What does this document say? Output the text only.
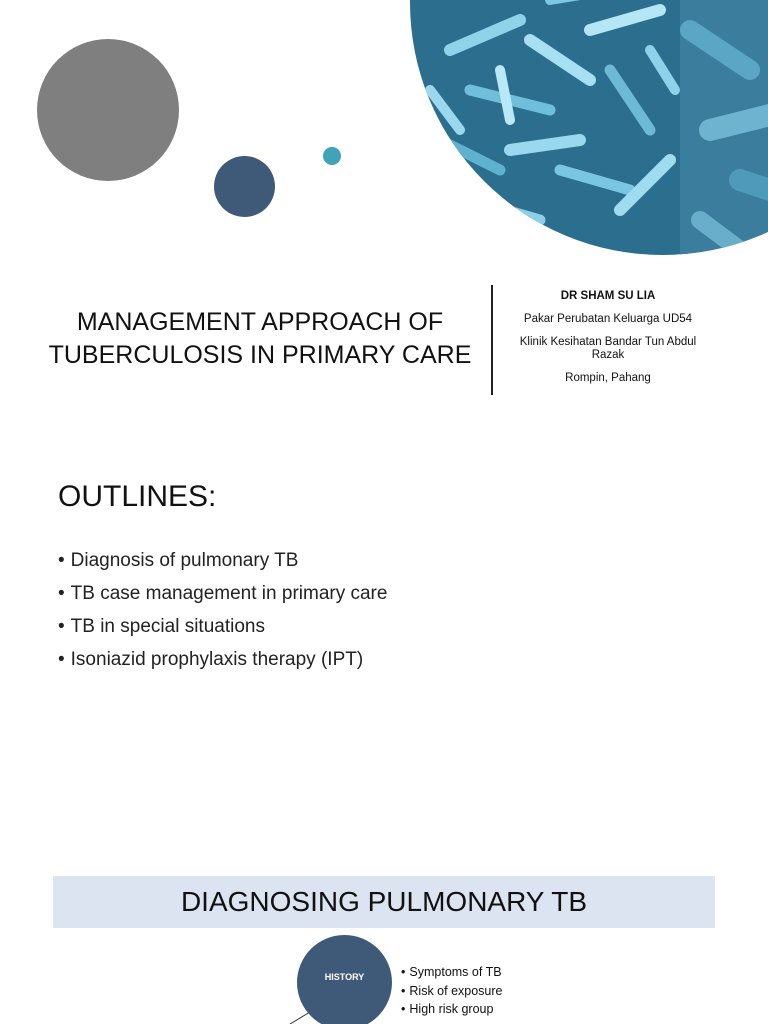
MANAGEMENT APPROACH OF
TUBERCULOSIS IN PRIMARY CARE
DR SHAM SU LIA
Pakar Perubatan Keluarga UD54
Klinik Kesihatan Bandar Tun Abdul Razak
Rompin, Pahang
OUTLINES:
• Diagnosis of pulmonary TB
• TB case management in primary care
• TB in special situations
• Isoniazid prophylaxis therapy (IPT)
DIAGNOSING PULMONARY TB
HISTORY
•	Symptoms of TB
• Risk of exposure
• High risk group
